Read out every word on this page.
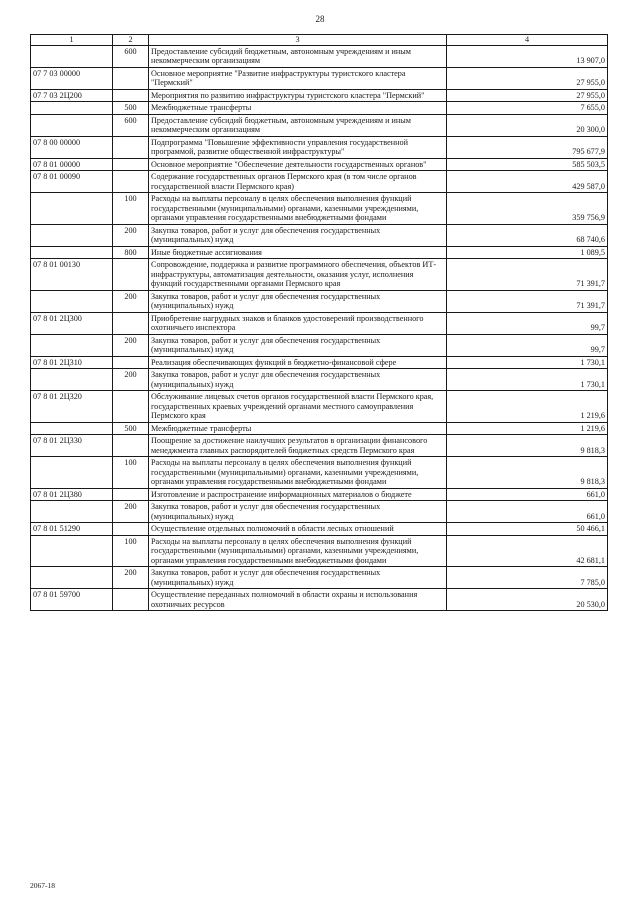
28
1	2	3	4
	600	Предоставление субсидий бюджетным, автономным учреждениям и иным некоммерческим организациям	13 907,0
07 7 03 00000		Основное мероприятие "Развитие инфраструктуры туристского кластера "Пермский"	27 955,0
07 7 03 2Ц200		Мероприятия по развитию инфраструктуры туристского кластера "Пермский"	27 955,0
	500	Межбюджетные трансферты	7 655,0
	600	Предоставление субсидий бюджетным, автономным учреждениям и иным некоммерческим организациям	20 300,0
07 8 00 00000		Подпрограмма "Повышение эффективности управления государственной программой, развитие общественной инфраструктуры"	795 677,9
07 8 01 00000		Основное мероприятие "Обеспечение деятельности государственных органов"	585 503,5
07 8 01 00090		Содержание государственных органов Пермского края (в том числе органов государственной власти Пермского края)	429 587,0
	100	Расходы на выплаты персоналу в целях обеспечения выполнения функций государственными (муниципальными) органами, казенными учреждениями, органами управления государственными внебюджетными фондами	359 756,9
	200	Закупка товаров, работ и услуг для обеспечения государственных (муниципальных) нужд	68 740,6
	800	Иные бюджетные ассигнования	1 089,5
07 8 01 00130		Сопровождение, поддержка и развитие программного обеспечения, объектов ИТ-инфраструктуры, автоматизация деятельности, оказания услуг, исполнения функций государственными органами Пермского края	71 391,7
	200	Закупка товаров, работ и услуг для обеспечения государственных (муниципальных) нужд	71 391,7
07 8 01 2Ц300		Приобретение нагрудных знаков и бланков удостоверений производственного охотничьего инспектора	99,7
	200	Закупка товаров, работ и услуг для обеспечения государственных (муниципальных) нужд	99,7
07 8 01 2Ц310		Реализация обеспечивающих функций в бюджетно-финансовой сфере	1 730,1
	200	Закупка товаров, работ и услуг для обеспечения государственных (муниципальных) нужд	1 730,1
07 8 01 2Ц320		Обслуживание лицевых счетов органов государственной власти Пермского края, государственных краевых учреждений органами местного самоуправления Пермского края	1 219,6
	500	Межбюджетные трансферты	1 219,6
07 8 01 2Ц330		Поощрение за достижение наилучших результатов в организации финансового менеджмента главных распорядителей бюджетных средств Пермского края	9 818,3
	100	Расходы на выплаты персоналу в целях обеспечения выполнения функций государственными (муниципальными) органами, казенными учреждениями, органами управления государственными внебюджетными фондами	9 818,3
07 8 01 2Ц380		Изготовление и распространение информационных материалов о бюджете	661,0
	200	Закупка товаров, работ и услуг для обеспечения государственных (муниципальных) нужд	661,0
07 8 01 51290		Осуществление отдельных полномочий в области лесных отношений	50 466,1
	100	Расходы на выплаты персоналу в целях обеспечения выполнения функций государственными (муниципальными) органами, казенными учреждениями, органами управления государственными внебюджетными фондами	42 681,1
	200	Закупка товаров, работ и услуг для обеспечения государственных (муниципальных) нужд	7 785,0
07 8 01 59700		Осуществление переданных полномочий в области охраны и использования охотничьих ресурсов	20 530,0
2067-18
